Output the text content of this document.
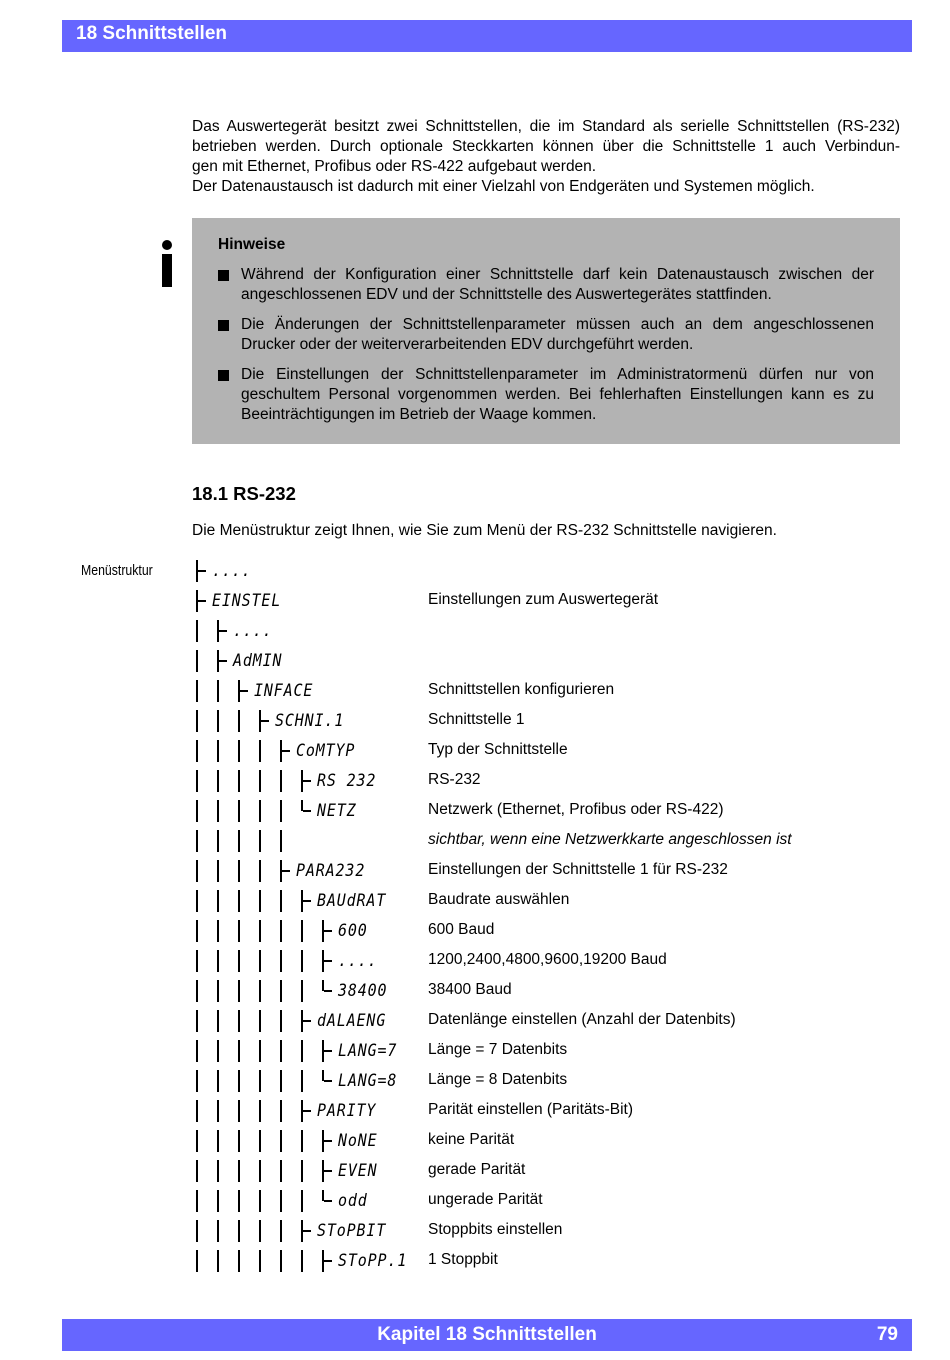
18 Schnittstellen
Das Auswertegerät besitzt zwei Schnittstellen, die im Standard als serielle Schnittstellen (RS-232)
betrieben werden. Durch optionale Steckkarten können über die Schnittstelle 1 auch Verbindun-
gen mit Ethernet, Profibus oder RS-422 aufgebaut werden.
Der Datenaustausch ist dadurch mit einer Vielzahl von Endgeräten und Systemen möglich.
Hinweise
Während der Konfiguration einer Schnittstelle darf kein Datenaustausch zwischen der
angeschlossenen EDV und der Schnittstelle des Auswertegerätes stattfinden.
Die Änderungen der Schnittstellenparameter müssen auch an dem angeschlossenen
Drucker oder der weiterverarbeitenden EDV durchgeführt werden.
Die Einstellungen der Schnittstellenparameter im Administratormenü dürfen nur von
geschultem Personal vorgenommen werden. Bei fehlerhaften Einstellungen kann es zu
Beeinträchtigungen im Betrieb der Waage kommen.
18.1 RS-232

Die Menüstruktur zeigt Ihnen, wie Sie zum Menü der RS-232 Schnittstelle navigieren.

Menüstruktur	....
EINSTEL	Einstellungen zum Auswertegerät
....
AdMIN
INFACE	Schnittstellen konfigurieren
SCHNI.1	Schnittstelle 1
CoMTYP	Typ der Schnittstelle
RS 232	RS-232
NETZ	Netzwerk (Ethernet, Profibus oder RS-422)
sichtbar, wenn eine Netzwerkkarte angeschlossen ist
PARA232	Einstellungen der Schnittstelle 1 für RS-232
BAUdRAT	Baudrate auswählen
600	600 Baud
....	1200,2400,4800,9600,19200 Baud
38400	38400 Baud
dALAENG	Datenlänge einstellen (Anzahl der Datenbits)
LANG=7 Länge = 7 Datenbits
LANG=8 Länge = 8 Datenbits
PARITY	Parität einstellen (Paritäts-Bit)
NoNE	keine Parität
EVEN	gerade Parität
odd	ungerade Parität
SToPBIT	Stoppbits einstellen
SToPP.1 1 Stoppbit
Kapitel 18 Schnittstellen	79
